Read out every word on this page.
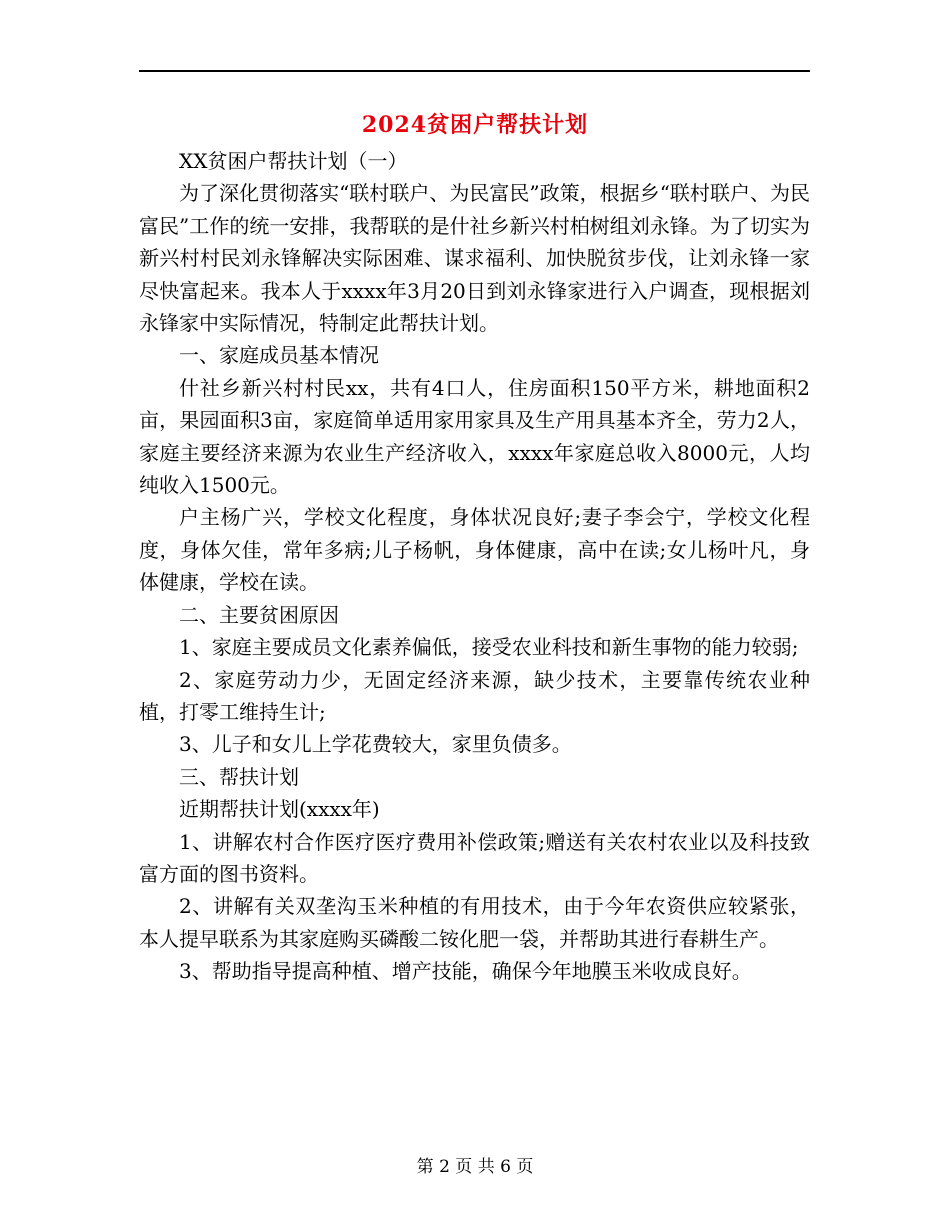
2024贫困户帮扶计划

XX贫困户帮扶计划（一）

为了深化贯彻落实“联村联户、为民富民”政策，根据乡“联村联户、为民富民”工作的统一安排，我帮联的是什社乡新兴村柏树组刘永锋。为了切实为新兴村村民刘永锋解决实际困难、谋求福利、加快脱贫步伐，让刘永锋一家尽快富起来。我本人于xxxx年3月20日到刘永锋家进行入户调查，现根据刘永锋家中实际情况，特制定此帮扶计划。

一、家庭成员基本情况

什社乡新兴村村民xx，共有4口人，住房面积150平方米，耕地面积2亩，果园面积3亩，家庭简单适用家用家具及生产用具基本齐全，劳力2人，家庭主要经济来源为农业生产经济收入，xxxx年家庭总收入8000元，人均纯收入1500元。

户主杨广兴，学校文化程度，身体状况良好;妻子李会宁，学校文化程度，身体欠佳，常年多病;儿子杨帆，身体健康，高中在读;女儿杨叶凡，身体健康，学校在读。

二、主要贫困原因

1、家庭主要成员文化素养偏低，接受农业科技和新生事物的能力较弱;

2、家庭劳动力少，无固定经济来源，缺少技术，主要靠传统农业种植，打零工维持生计;

3、儿子和女儿上学花费较大，家里负债多。

三、帮扶计划

近期帮扶计划(xxxx年)

1、讲解农村合作医疗医疗费用补偿政策;赠送有关农村农业以及科技致富方面的图书资料。

2、讲解有关双垄沟玉米种植的有用技术，由于今年农资供应较紧张，本人提早联系为其家庭购买磷酸二铵化肥一袋，并帮助其进行春耕生产。

3、帮助指导提高种植、增产技能，确保今年地膜玉米收成良好。

第 2 页 共 6 页
